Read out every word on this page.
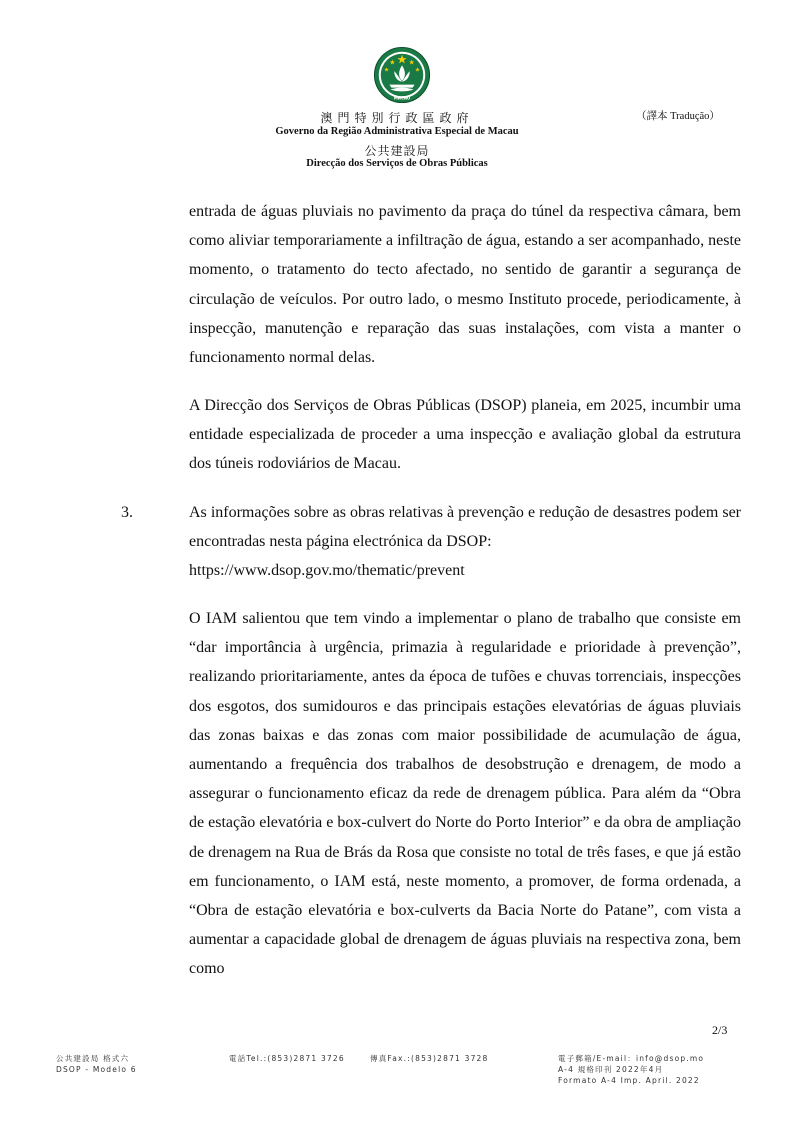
MACAU
澳門特別行政區政府
Governo da Região Administrativa Especial de Macau
公共建設局
Direcção dos Serviços de Obras Públicas
（譯本 Tradução）

entrada de águas pluviais no pavimento da praça do túnel da respectiva câmara, bem como aliviar temporariamente a infiltração de água, estando a ser acompanhado, neste momento, o tratamento do tecto afectado, no sentido de garantir a segurança de circulação de veículos. Por outro lado, o mesmo Instituto procede, periodicamente, à inspecção, manutenção e reparação das suas instalações, com vista a manter o funcionamento normal delas.

A Direcção dos Serviços de Obras Públicas (DSOP) planeia, em 2025, incumbir uma entidade especializada de proceder a uma inspecção e avaliação global da estrutura dos túneis rodoviários de Macau.

3.	As informações sobre as obras relativas à prevenção e redução de desastres podem ser encontradas nesta página electrónica da DSOP:
https://www.dsop.gov.mo/thematic/prevent

O IAM salientou que tem vindo a implementar o plano de trabalho que consiste em “dar importância à urgência, primazia à regularidade e prioridade à prevenção”, realizando prioritariamente, antes da época de tufões e chuvas torrenciais, inspecções dos esgotos, dos sumidouros e das principais estações elevatórias de águas pluviais das zonas baixas e das zonas com maior possibilidade de acumulação de água, aumentando a frequência dos trabalhos de desobstrução e drenagem, de modo a assegurar o funcionamento eficaz da rede de drenagem pública. Para além da “Obra de estação elevatória e box-culvert do Norte do Porto Interior” e da obra de ampliação de drenagem na Rua de Brás da Rosa que consiste no total de três fases, e que já estão em funcionamento, o IAM está, neste momento, a promover, de forma ordenada, a “Obra de estação elevatória e box-culverts da Bacia Norte do Patane”, com vista a aumentar a capacidade global de drenagem de águas pluviais na respectiva zona, bem como

2/3
公共建設局 格式六
DSOP - Modelo 6
電話Tel.:(853)2871 3726	傳真Fax.:(853)2871 3728	電子郵箱/E-mail：info@dsop.mo
A-4 規格印刊 2022年4月
Formato A-4 Imp. April. 2022
